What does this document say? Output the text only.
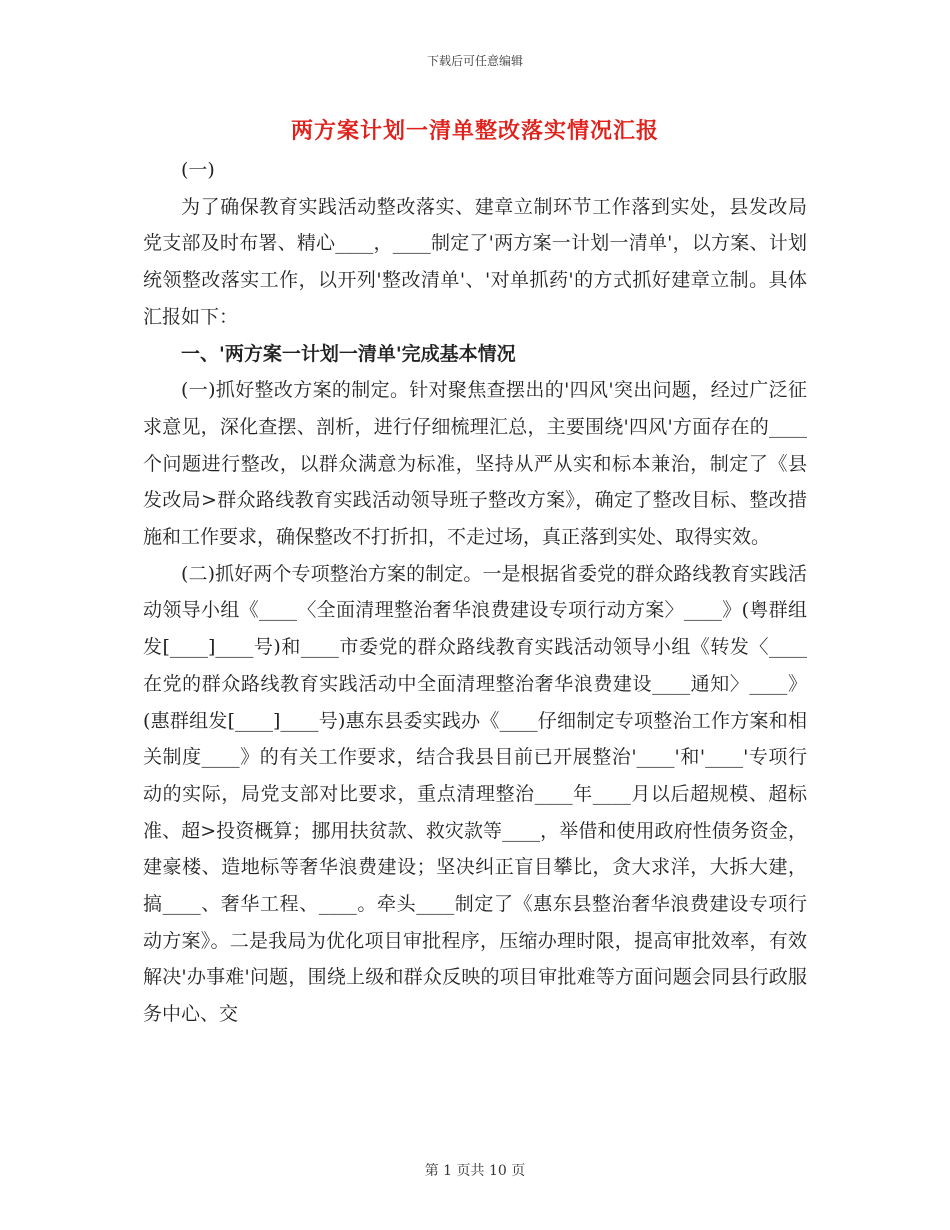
下载后可任意编辑
两方案计划一清单整改落实情况汇报

(一)

为了确保教育实践活动整改落实、建章立制环节工作落到实处，县发改局党支部及时布署、精心____，____制定了'两方案一计划一清单'，以方案、计划统领整改落实工作，以开列'整改清单'、'对单抓药'的方式抓好建章立制。具体汇报如下：

一、'两方案一计划一清单'完成基本情况

(一)抓好整改方案的制定。针对聚焦查摆出的'四风'突出问题，经过广泛征求意见，深化查摆、剖析，进行仔细梳理汇总，主要围绕'四风'方面存在的____个问题进行整改，以群众满意为标准，坚持从严从实和标本兼治，制定了《县发改局>群众路线教育实践活动领导班子整改方案》，确定了整改目标、整改措施和工作要求，确保整改不打折扣，不走过场，真正落到实处、取得实效。

(二)抓好两个专项整治方案的制定。一是根据省委党的群众路线教育实践活动领导小组《____〈全面清理整治奢华浪费建设专项行动方案〉____》(粤群组发[____]____号)和____市委党的群众路线教育实践活动领导小组《转发〈____在党的群众路线教育实践活动中全面清理整治奢华浪费建设____通知〉____》(惠群组发[____]____号)惠东县委实践办《____仔细制定专项整治工作方案和相关制度____》的有关工作要求，结合我县目前已开展整治'____'和'____'专项行动的实际，局党支部对比要求，重点清理整治____年____月以后超规模、超标准、超>投资概算；挪用扶贫款、救灾款等____，举借和使用政府性债务资金，建豪楼、造地标等奢华浪费建设；坚决纠正盲目攀比，贪大求洋，大拆大建，搞____、奢华工程、____。牵头____制定了《惠东县整治奢华浪费建设专项行动方案》。二是我局为优化项目审批程序，压缩办理时限，提高审批效率，有效解决'办事难'问题，围绕上级和群众反映的项目审批难等方面问题会同县行政服务中心、交

第 1 页共 10 页
